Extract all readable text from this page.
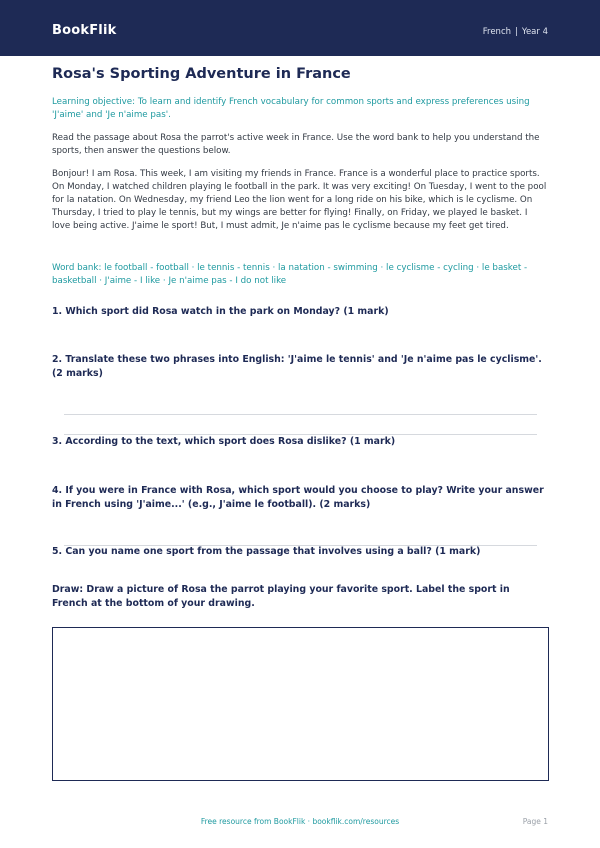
BookFlik	French | Year 4
Rosa's Sporting Adventure in France
Learning objective: To learn and identify French vocabulary for common sports and express preferences using 'J'aime' and 'Je n'aime pas'.
Read the passage about Rosa the parrot's active week in France. Use the word bank to help you understand the sports, then answer the questions below.
Bonjour! I am Rosa. This week, I am visiting my friends in France. France is a wonderful place to practice sports. On Monday, I watched children playing le football in the park. It was very exciting! On Tuesday, I went to the pool for la natation. On Wednesday, my friend Leo the lion went for a long ride on his bike, which is le cyclisme. On Thursday, I tried to play le tennis, but my wings are better for flying! Finally, on Friday, we played le basket. I love being active. J'aime le sport! But, I must admit, Je n'aime pas le cyclisme because my feet get tired.
Word bank: le football - football · le tennis - tennis · la natation - swimming · le cyclisme - cycling · le basket - basketball · J'aime - I like · Je n'aime pas - I do not like
1. Which sport did Rosa watch in the park on Monday? (1 mark)
2. Translate these two phrases into English: 'J'aime le tennis' and 'Je n'aime pas le cyclisme'. (2 marks)
3. According to the text, which sport does Rosa dislike? (1 mark)
4. If you were in France with Rosa, which sport would you choose to play? Write your answer in French using 'J'aime...' (e.g., J'aime le football). (2 marks)
5. Can you name one sport from the passage that involves using a ball? (1 mark)
Draw: Draw a picture of Rosa the parrot playing your favorite sport. Label the sport in French at the bottom of your drawing.
Free resource from BookFlik · bookflik.com/resources	Page 1
